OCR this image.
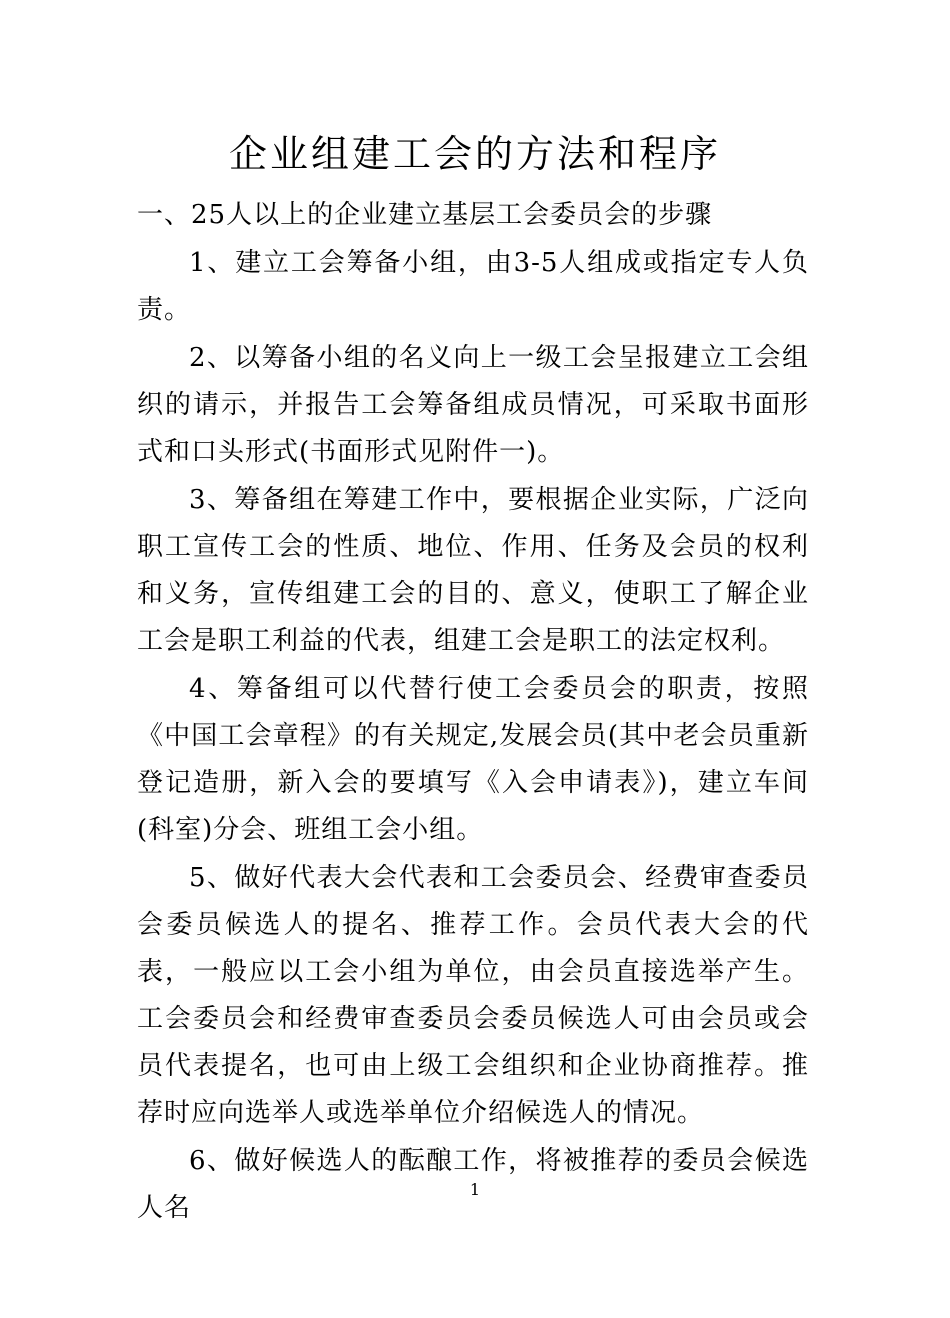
企业组建工会的方法和程序

一、25人以上的企业建立基层工会委员会的步骤

1、建立工会筹备小组，由3-5人组成或指定专人负责。

2、以筹备小组的名义向上一级工会呈报建立工会组织的请示，并报告工会筹备组成员情况，可采取书面形式和口头形式(书面形式见附件一)。

3、筹备组在筹建工作中，要根据企业实际，广泛向职工宣传工会的性质、地位、作用、任务及会员的权利和义务，宣传组建工会的目的、意义，使职工了解企业工会是职工利益的代表，组建工会是职工的法定权利。

4、筹备组可以代替行使工会委员会的职责，按照《中国工会章程》的有关规定,发展会员(其中老会员重新登记造册，新入会的要填写《入会申请表》)，建立车间(科室)分会、班组工会小组。

5、做好代表大会代表和工会委员会、经费审查委员会委员候选人的提名、推荐工作。会员代表大会的代表，一般应以工会小组为单位，由会员直接选举产生。工会委员会和经费审查委员会委员候选人可由会员或会员代表提名，也可由上级工会组织和企业协商推荐。推荐时应向选举人或选举单位介绍候选人的情况。

6、做好候选人的酝酿工作，将被推荐的委员会候选人名

1
